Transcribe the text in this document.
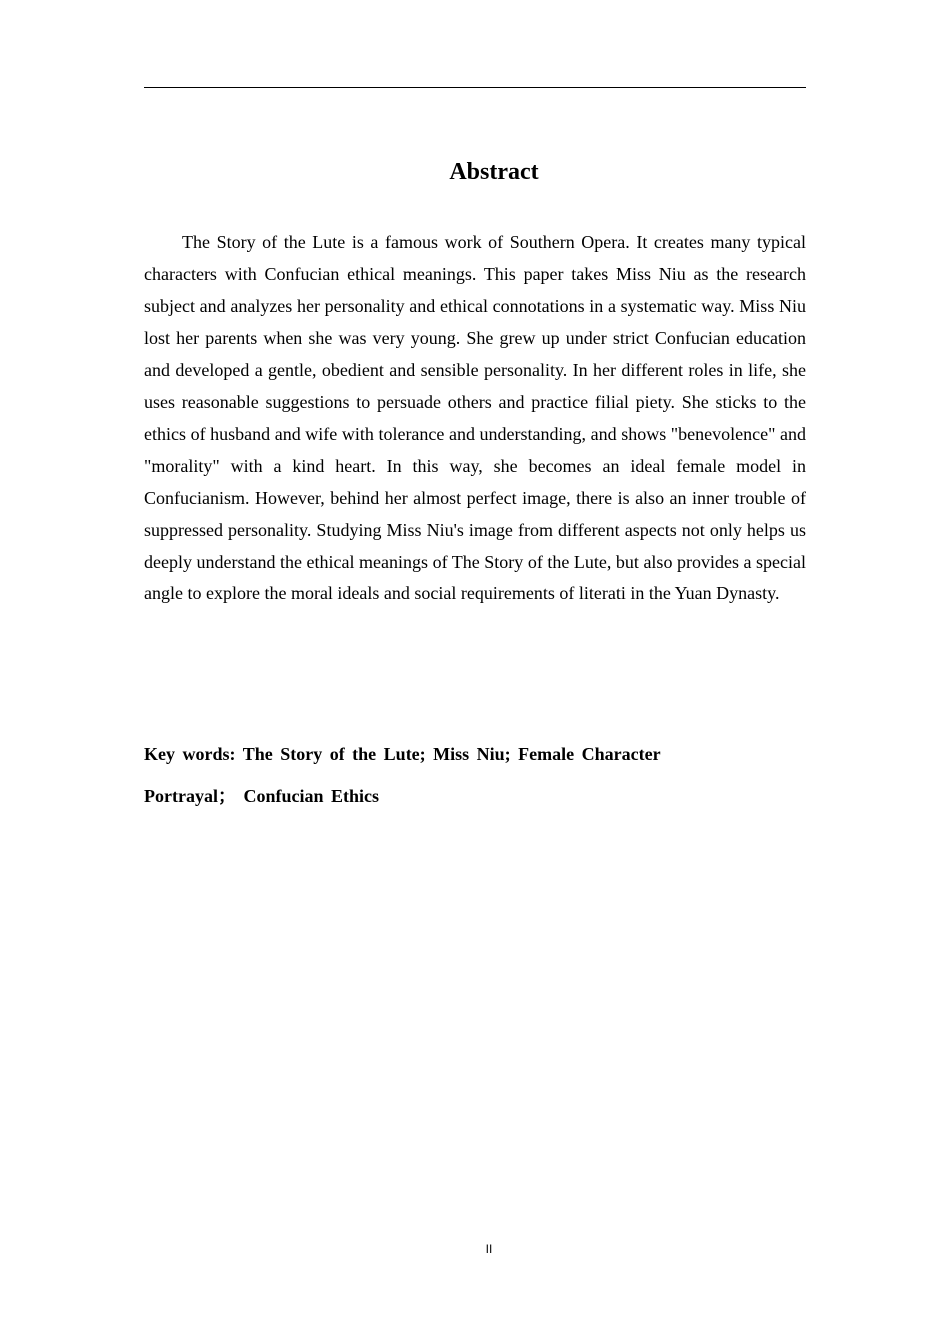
Abstract

The Story of the Lute is a famous work of Southern Opera. It creates many typical characters with Confucian ethical meanings. This paper takes Miss Niu as the research subject and analyzes her personality and ethical connotations in a systematic way. Miss Niu lost her parents when she was very young. She grew up under strict Confucian education and developed a gentle, obedient and sensible personality. In her different roles in life, she uses reasonable suggestions to persuade others and practice filial piety. She sticks to the ethics of husband and wife with tolerance and understanding, and shows "benevolence" and "morality" with a kind heart. In this way, she becomes an ideal female model in Confucianism. However, behind her almost perfect image, there is also an inner trouble of suppressed personality. Studying Miss Niu's image from different aspects not only helps us deeply understand the ethical meanings of The Story of the Lute, but also provides a special angle to explore the moral ideals and social requirements of literati in the Yuan Dynasty.

Key words: The Story of the Lute; Miss Niu; Female Character
Portrayal； Confucian Ethics
II
